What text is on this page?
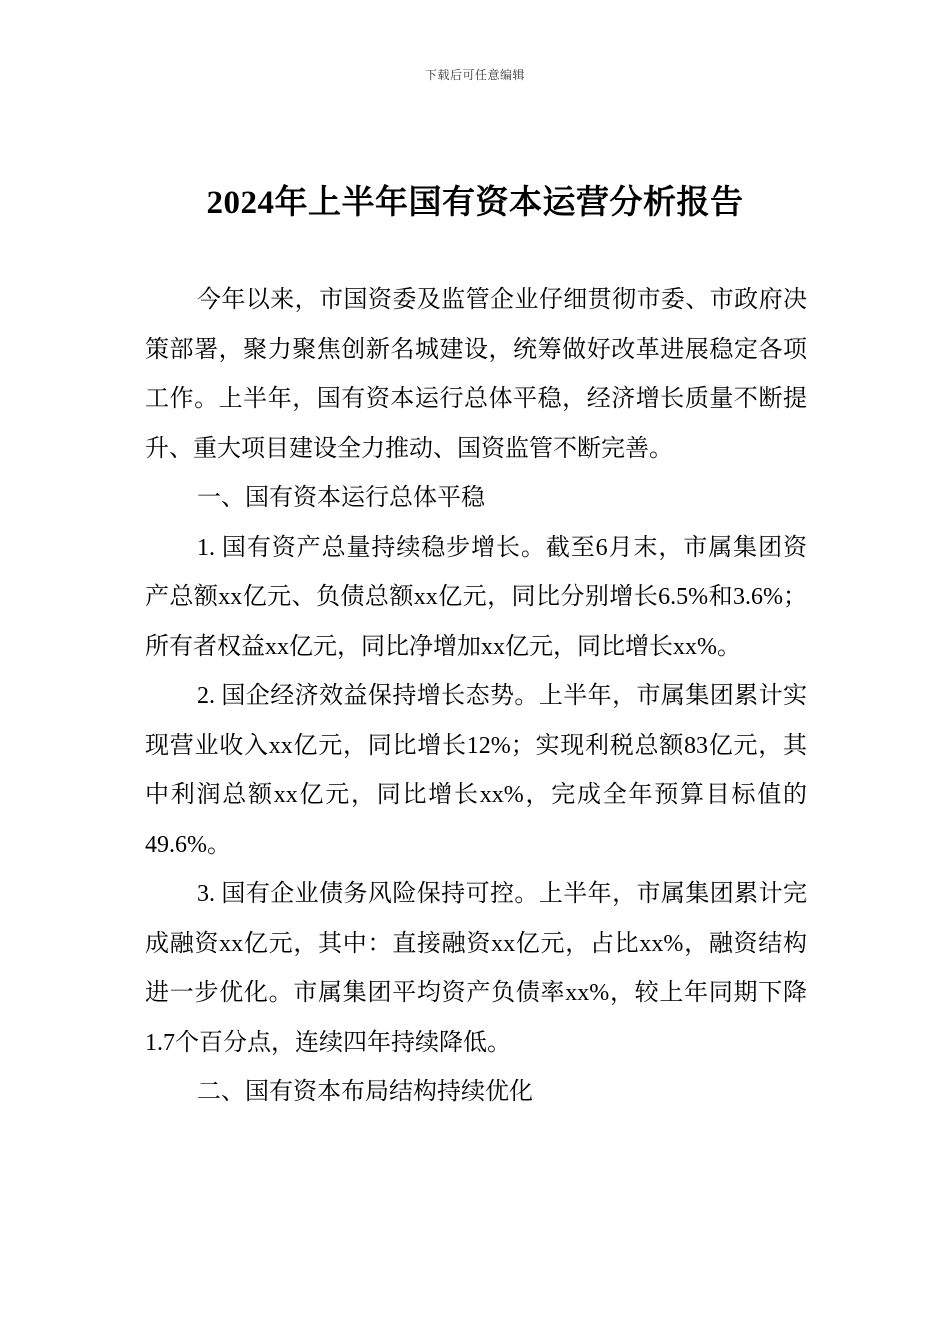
下载后可任意编辑
2024年上半年国有资本运营分析报告

今年以来，市国资委及监管企业仔细贯彻市委、市政府决策部署，聚力聚焦创新名城建设，统筹做好改革进展稳定各项工作。上半年，国有资本运行总体平稳，经济增长质量不断提升、重大项目建设全力推动、国资监管不断完善。

一、国有资本运行总体平稳

1. 国有资产总量持续稳步增长。截至6月末，市属集团资产总额xx亿元、负债总额xx亿元，同比分别增长6.5%和3.6%；所有者权益xx亿元，同比净增加xx亿元，同比增长xx%。

2. 国企经济效益保持增长态势。上半年，市属集团累计实现营业收入xx亿元，同比增长12%；实现利税总额83亿元，其中利润总额xx亿元，同比增长xx%，完成全年预算目标值的49.6%。

3. 国有企业债务风险保持可控。上半年，市属集团累计完成融资xx亿元，其中：直接融资xx亿元，占比xx%，融资结构进一步优化。市属集团平均资产负债率xx%，较上年同期下降1.7个百分点，连续四年持续降低。

二、国有资本布局结构持续优化
